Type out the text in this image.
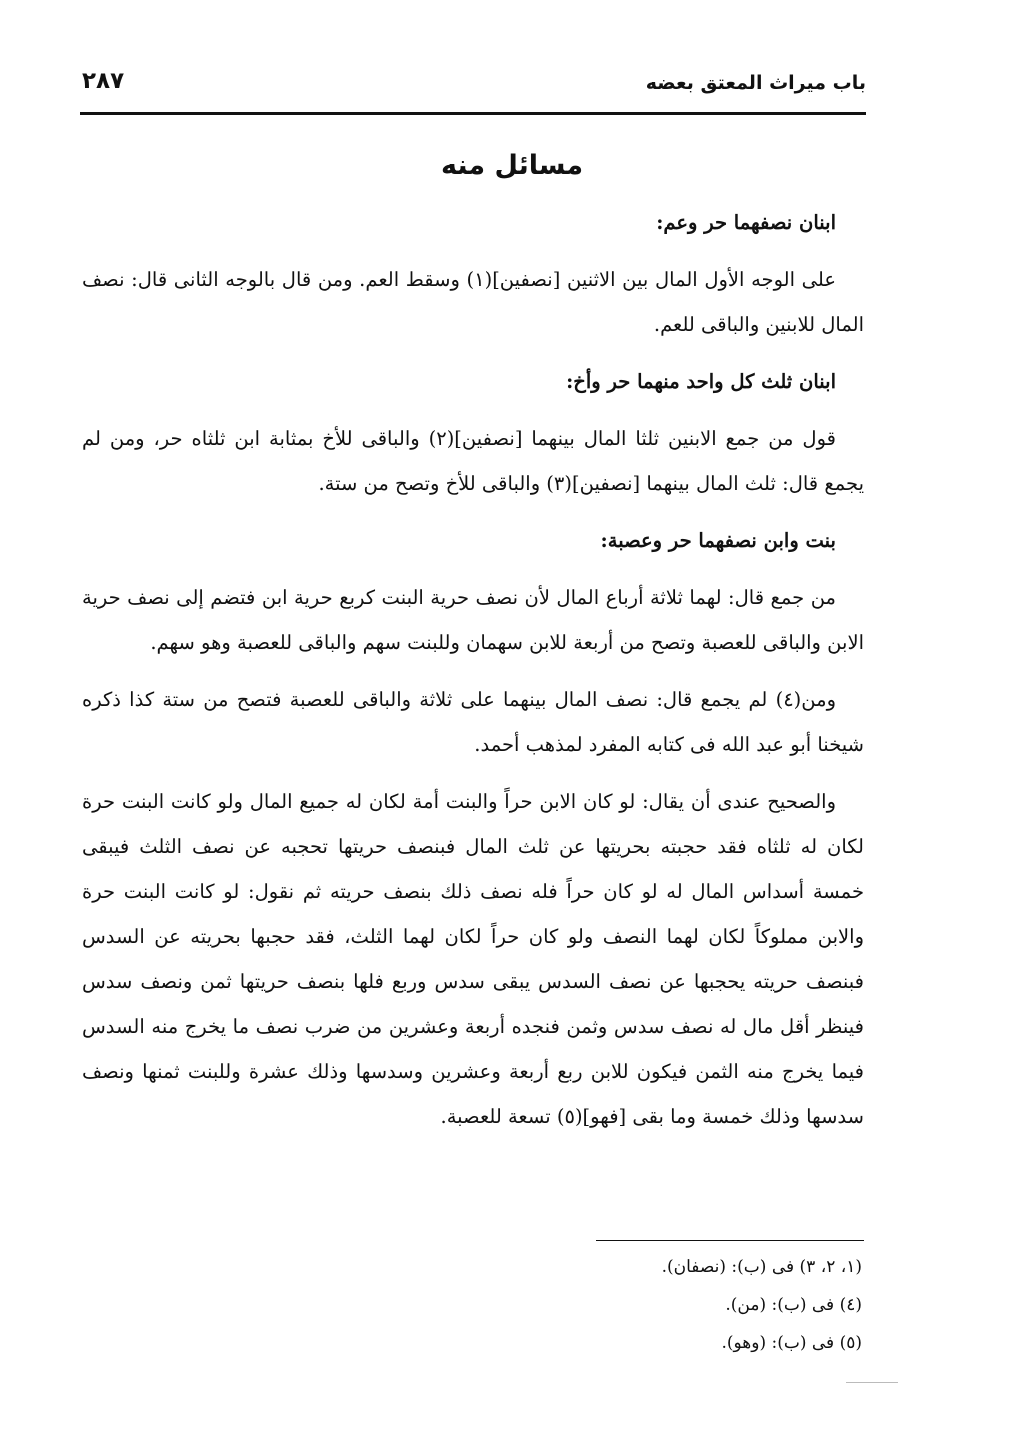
باب ميراث المعتق بعضه
٢٨٧
مسائل منه

ابنان نصفهما حر وعم:

على الوجه الأول المال بين الاثنين [نصفين](١) وسقط العم. ومن قال بالوجه الثانى قال: نصف المال للابنين والباقى للعم.

ابنان ثلث كل واحد منهما حر وأخ:

قول من جمع الابنين ثلثا المال بينهما [نصفين](٢) والباقى للأخ بمثابة ابن ثلثاه حر، ومن لم يجمع قال: ثلث المال بينهما [نصفين](٣) والباقى للأخ وتصح من ستة.

بنت وابن نصفهما حر وعصبة:

من جمع قال: لهما ثلاثة أرباع المال لأن نصف حرية البنت كربع حرية ابن فتضم إلى نصف حرية الابن والباقى للعصبة وتصح من أربعة للابن سهمان وللبنت سهم والباقى للعصبة وهو سهم.

ومن(٤) لم يجمع قال: نصف المال بينهما على ثلاثة والباقى للعصبة فتصح من ستة كذا ذكره شيخنا أبو عبد الله فى كتابه المفرد لمذهب أحمد.

والصحيح عندى أن يقال: لو كان الابن حراً والبنت أمة لكان له جميع المال ولو كانت البنت حرة لكان له ثلثاه فقد حجبته بحريتها عن ثلث المال فبنصف حريتها تحجبه عن نصف الثلث فيبقى خمسة أسداس المال له لو كان حراً فله نصف ذلك بنصف حريته ثم نقول: لو كانت البنت حرة والابن مملوكاً لكان لهما النصف ولو كان حراً لكان لهما الثلث، فقد حجبها بحريته عن السدس فبنصف حريته يحجبها عن نصف السدس يبقى سدس وربع فلها بنصف حريتها ثمن ونصف سدس فينظر أقل مال له نصف سدس وثمن فنجده أربعة وعشرين من ضرب نصف ما يخرج منه السدس فيما يخرج منه الثمن فيكون للابن ربع أربعة وعشرين وسدسها وذلك عشرة وللبنت ثمنها ونصف سدسها وذلك خمسة وما بقى [فهو](٥) تسعة للعصبة.

(١، ٢، ٣) فى (ب): (نصفان).
(٤) فى (ب): (من).
(٥) فى (ب): (وهو).
